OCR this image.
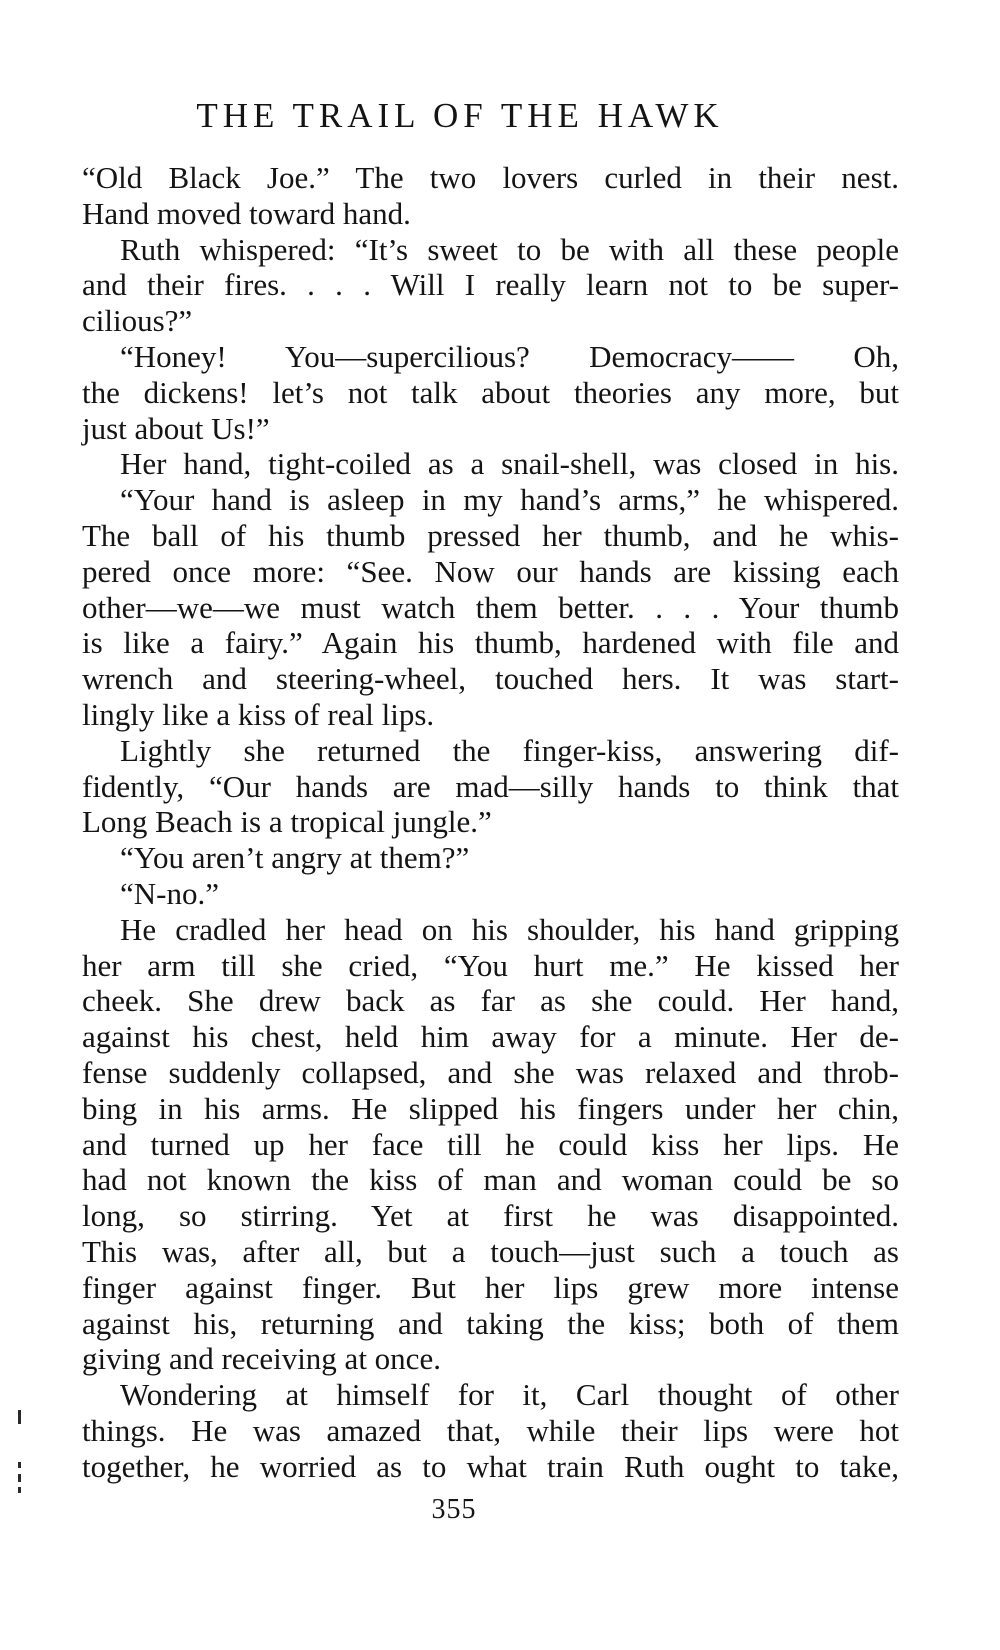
THE TRAIL OF THE HAWK
“Old Black Joe.” The two lovers curled in their nest.
Hand moved toward hand.
Ruth whispered: “It’s sweet to be with all these people
and their fires. . . . Will I really learn not to be super-
cilious?”
“Honey! You—supercilious? Democracy—— Oh,
the dickens! let’s not talk about theories any more, but
just about Us!”
Her hand, tight-coiled as a snail-shell, was closed in his.
“Your hand is asleep in my hand’s arms,” he whispered.
The ball of his thumb pressed her thumb, and he whis-
pered once more: “See. Now our hands are kissing each
other—we—we must watch them better. . . . Your thumb
is like a fairy.” Again his thumb, hardened with file and
wrench and steering-wheel, touched hers. It was start-
lingly like a kiss of real lips.
Lightly she returned the finger-kiss, answering dif-
fidently, “Our hands are mad—silly hands to think that
Long Beach is a tropical jungle.”
“You aren’t angry at them?”
“N-no.”
He cradled her head on his shoulder, his hand gripping
her arm till she cried, “You hurt me.” He kissed her
cheek. She drew back as far as she could. Her hand,
against his chest, held him away for a minute. Her de-
fense suddenly collapsed, and she was relaxed and throb-
bing in his arms. He slipped his fingers under her chin,
and turned up her face till he could kiss her lips. He
had not known the kiss of man and woman could be so
long, so stirring. Yet at first he was disappointed.
This was, after all, but a touch—just such a touch as
finger against finger. But her lips grew more intense
against his, returning and taking the kiss; both of them
giving and receiving at once.
Wondering at himself for it, Carl thought of other
things. He was amazed that, while their lips were hot
together, he worried as to what train Ruth ought to take,
355
